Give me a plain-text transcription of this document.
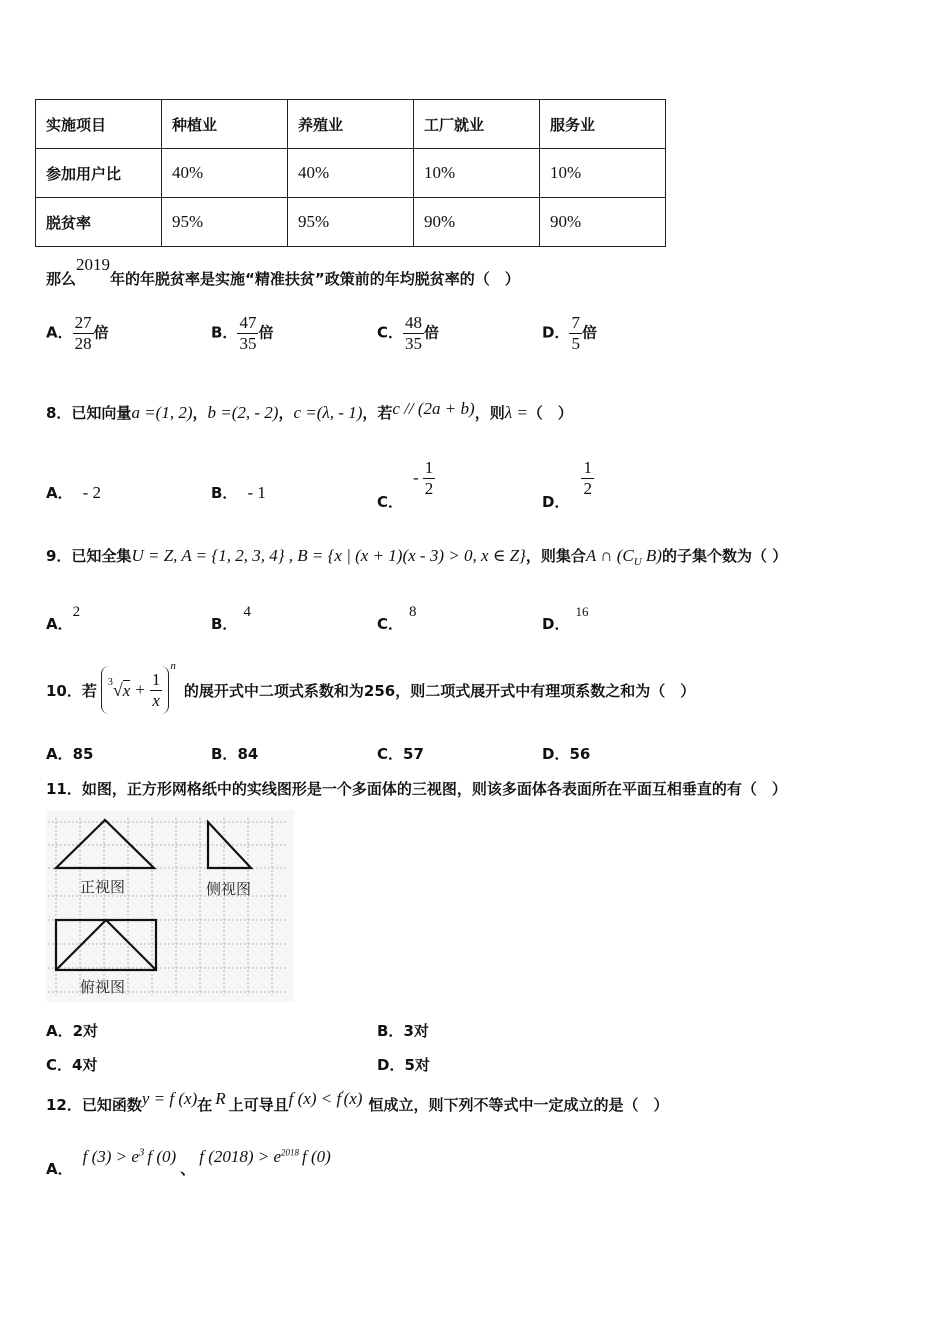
实施项目	种植业	养殖业	工厂就业	服务业
参加用户比	40%	40%	10%	10%
脱贫率	95%	95%	90%	90%
那么2019年的年脱贫率是实施“精准扶贫”政策前的年均脱贫率的（　）
A． $\frac{27}{28}$ 倍	B． $\frac{47}{35}$ 倍	C． $\frac{48}{35}$ 倍	D． $\frac{7}{5}$ 倍
8．已知向量a =(1, 2)，b =(2, - 2)，c =(λ, - 1)，若c // (2a + b)，则λ =（　）
A． - 2	B． - 1	C．- $\frac{1}{2}$
D．
$\frac{1}{2}$
9．已知全集U = Z, A = {1, 2, 3, 4} , B = {x | (x + 1)(x - 3) > 0, x ∈ Z}，则集合A ∩ ($C_U$ B)的子集个数为（ ）
A．2
B．4
C．8
D．16
10．若 3 √ $x + \frac{1}{x}$
n
的展开式中二项式系数和为256，则二项式展开式中有理项系数之和为（　）
A．85	B．84	C．57	D．56
11．如图，正方形网格纸中的实线图形是一个多面体的三视图，则该多面体各表面所在平面互相垂直的有（　）
正视图	侧视图
俯视图
A．2对	B．3对
C．4对	D．5对
12．已知函数y = f (x)在 R 上可导且f (x) < f'(x) 恒成立，则下列不等式中一定成立的是（　）
A．f $(3) > e^3$ f (0)、f $(2018) > e^{2018}$ f (0)
